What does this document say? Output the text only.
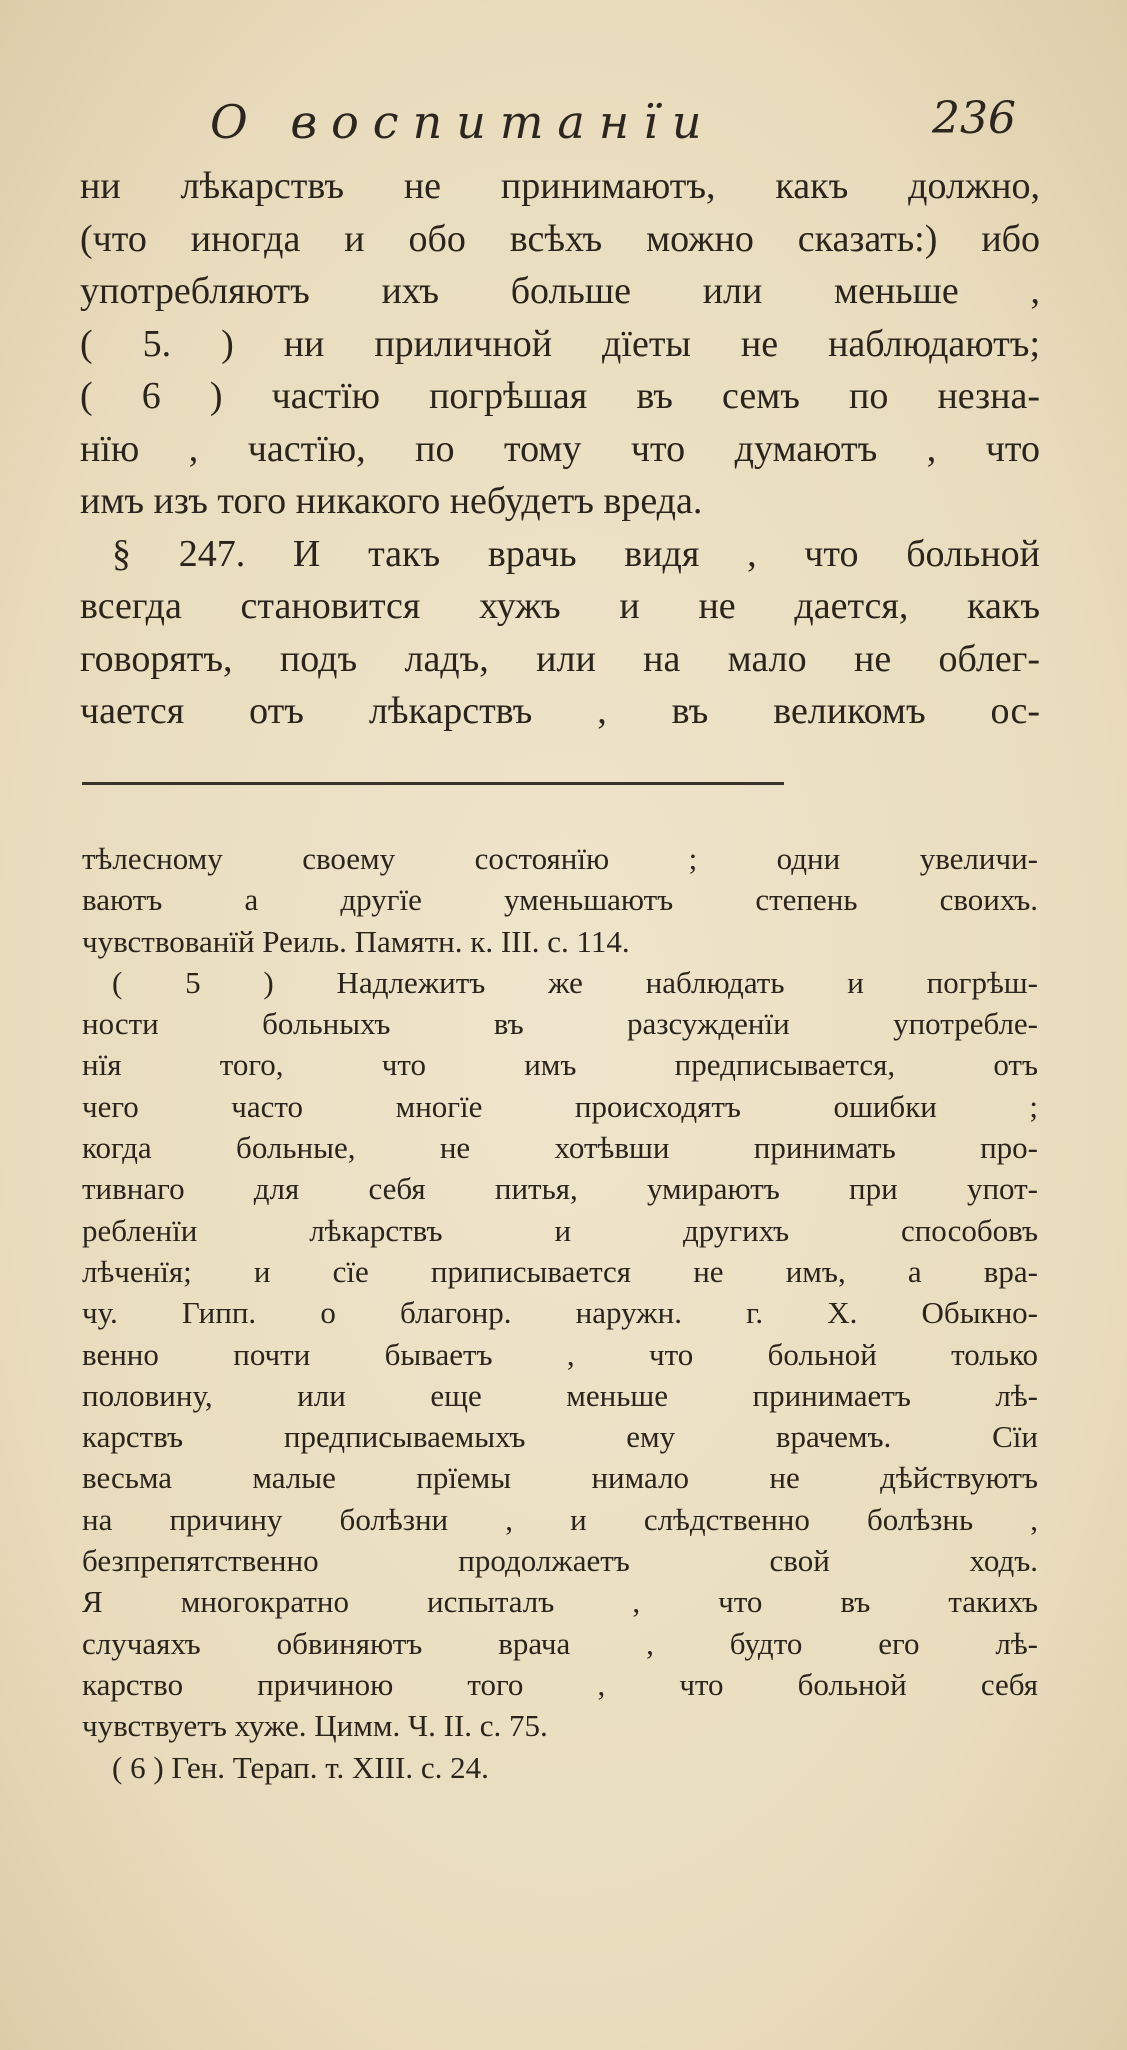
О воспитанїи	236
ни лѣкарствъ не принимаютъ, какъ должно,
(что иногда и обо всѣхъ можно сказать:) ибо
употребляютъ ихъ больше или меньше ,
( 5. ) ни приличной дїеты не наблюдаютъ;
( 6 ) частїю погрѣшая въ семъ по незна-
нїю , частїю, по тому что думаютъ , что
имъ изъ того никакого небудетъ вреда.
§ 247. И такъ врачь видя , что больной
всегда становится хужъ и не дается, какъ
говорятъ, подъ ладъ, или на мало не облег-
чается отъ лѣкарствъ , въ великомъ ос-
тѣлесному своему состоянїю ; одни увеличи-
ваютъ а другїе уменьшаютъ степень своихъ.
чувствованїй Реиль. Памятн. к. III. с. 114.
( 5 ) Надлежитъ же наблюдать и погрѣш-
ности больныхъ въ разсужденїи употребле-
нїя того, что имъ предписывается, отъ
чего часто многїе происходятъ ошибки ;
когда больные, не хотѣвши принимать про-
тивнаго для себя питья, умираютъ при упот-
ребленїи лѣкарствъ и другихъ способовъ
лѣченїя; и сїе приписывается не имъ, а вра-
чу. Гипп. о благонр. наружн. г. X. Обыкно-
венно почти бываетъ , что больной только
половину, или еще меньше принимаетъ лѣ-
карствъ предписываемыхъ ему врачемъ. Сїи
весьма малые прїемы нимало не дѣйствуютъ
на причину болѣзни , и слѣдственно болѣзнь ,
безпрепятственно продолжаетъ свой ходъ.
Я многократно испыталъ , что въ такихъ
случаяхъ обвиняютъ врача , будто его лѣ-
карство причиною того , что больной себя
чувствуетъ хуже. Цимм. Ч. II. с. 75.
( 6 ) Ген. Терап. т. XIII. с. 24.
